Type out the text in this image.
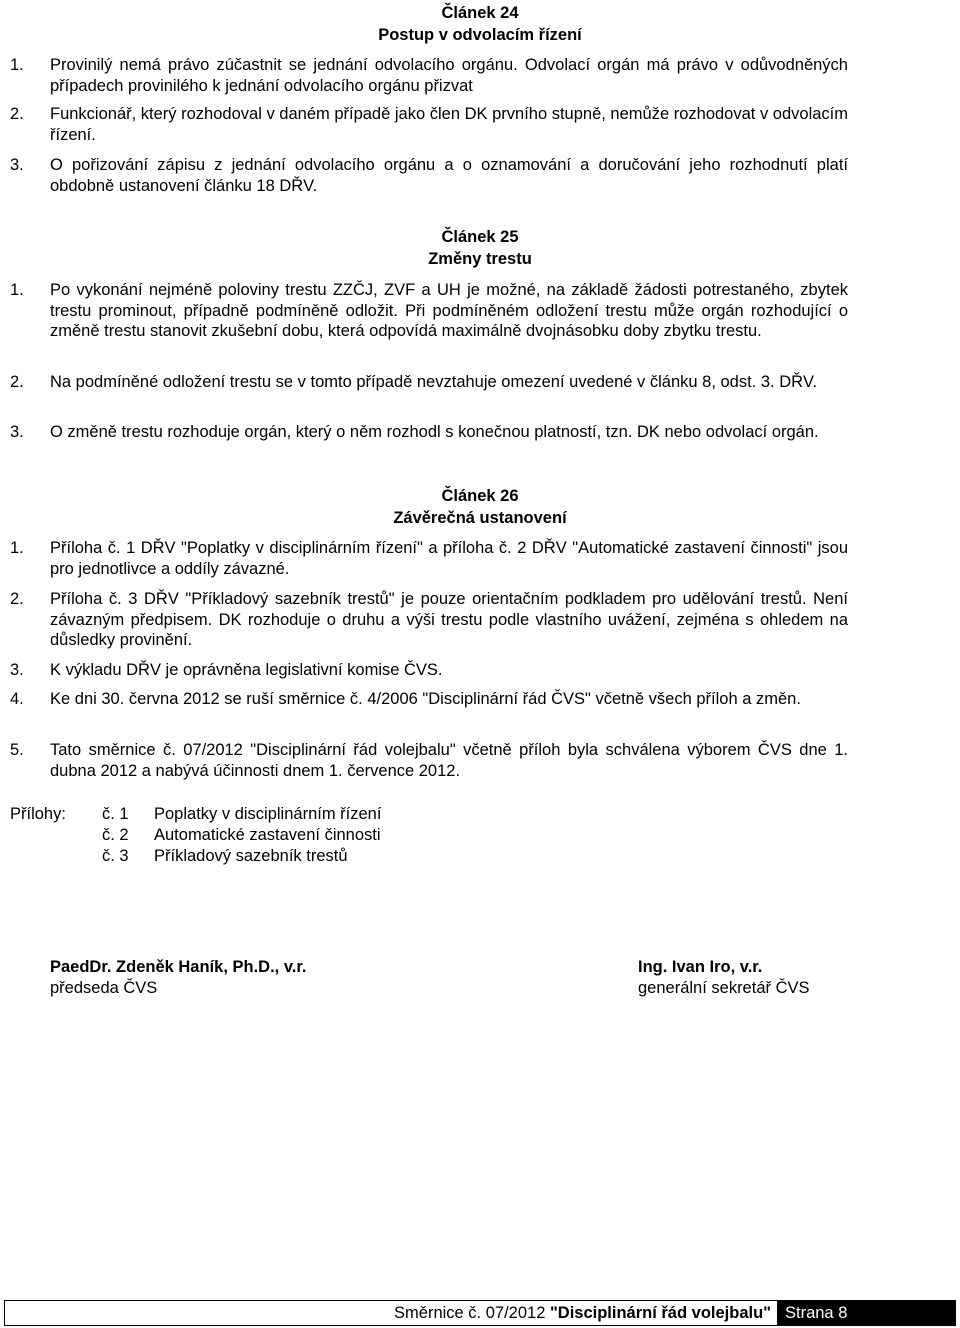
Článek 24
Postup v odvolacím řízení
1. Provinilý nemá právo zúčastnit se jednání odvolacího orgánu. Odvolací orgán má právo v odůvodněných případech provinilého k jednání odvolacího orgánu přizvat
2. Funkcionář, který rozhodoval v daném případě jako člen DK prvního stupně, nemůže rozhodovat v odvolacím řízení.
3. O pořizování zápisu z jednání odvolacího orgánu a o oznamování a doručování jeho rozhodnutí platí obdobně ustanovení článku 18 DŘV.
Článek 25
Změny trestu
1. Po vykonání nejméně poloviny trestu ZZČJ, ZVF a UH je možné, na základě žádosti potrestaného, zbytek trestu prominout, případně podmíněně odložit. Při podmíněném odložení trestu může orgán rozhodující o změně trestu stanovit zkušební dobu, která odpovídá maximálně dvojnásobku doby zbytku trestu.
2. Na podmíněné odložení trestu se v tomto případě nevztahuje omezení uvedené v článku 8, odst. 3. DŘV.
3. O změně trestu rozhoduje orgán, který o něm rozhodl s konečnou platností, tzn. DK nebo odvolací orgán.
Článek 26
Závěrečná ustanovení
1. Příloha č. 1 DŘV "Poplatky v disciplinárním řízení" a příloha č. 2 DŘV "Automatické zastavení činnosti" jsou pro jednotlivce a oddíly závazné.
2. Příloha č. 3 DŘV "Příkladový sazebník trestů" je pouze orientačním podkladem pro udělování trestů. Není závazným předpisem. DK rozhoduje o druhu a výši trestu podle vlastního uvážení, zejména s ohledem na důsledky provinění.
3. K výkladu DŘV je oprávněna legislativní komise ČVS.
4. Ke dni 30. června 2012 se ruší směrnice č. 4/2006 "Disciplinární řád ČVS" včetně všech příloh a změn.
5. Tato směrnice č. 07/2012 "Disciplinární řád volejbalu" včetně příloh byla schválena výborem ČVS dne 1. dubna 2012 a nabývá účinnosti dnem 1. července 2012.
Přílohy: č. 1 Poplatky v disciplinárním řízení
č. 2 Automatické zastavení činnosti
č. 3 Příkladový sazebník trestů
PaedDr. Zdeněk Haník, Ph.D., v.r.
předseda ČVS
Ing. Ivan Iro, v.r.
generální sekretář ČVS
Směrnice č. 07/2012 "Disciplinární řád volejbalu" Strana 8
